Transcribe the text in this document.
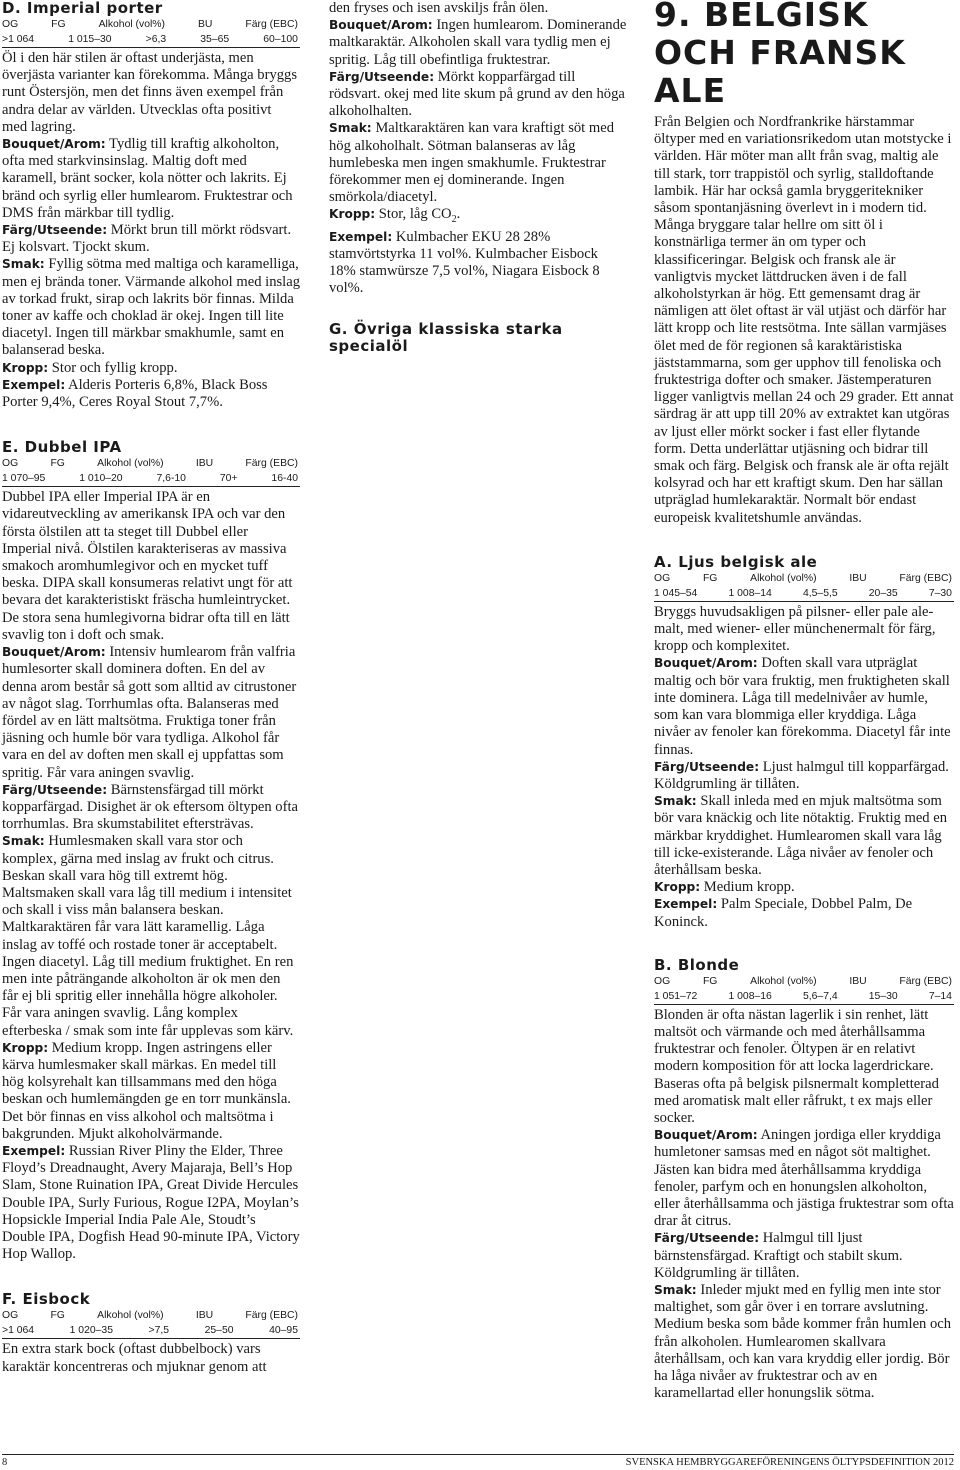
D. Imperial porter
OG	FG	Alkohol (vol%)	BU	Färg (EBC)
>1 064	1 015–30	>6,3	35–65	60–100

Öl i den här stilen är oftast underjästa, men överjästa varianter kan förekomma. Många bryggs runt Östersjön, men det finns även exempel från andra delar av världen. Utvecklas ofta positivt med lagring.

Bouquet/Arom: Tydlig till kraftig alkoholton, ofta med starkvinsinslag. Maltig doft med karamell, bränt socker, kola nötter och lakrits. Ej bränd och syrlig eller humlearom. Fruktestrar och DMS från märkbar till tydlig.

Färg/Utseende: Mörkt brun till mörkt rödsvart. Ej kolsvart. Tjockt skum.

Smak: Fyllig sötma med maltiga och karamelliga, men ej brända toner. Värmande alkohol med inslag av torkad frukt, sirap och lakrits bör finnas. Milda toner av kaffe och choklad är okej. Ingen till lite diacetyl. Ingen till märkbar smakhumle, samt en balanserad beska.

Kropp: Stor och fyllig kropp.

Exempel: Alderis Porteris 6,8%, Black Boss Porter 9,4%, Ceres Royal Stout 7,7%.

E. Dubbel IPA
OG	FG	Alkohol (vol%)	IBU	Färg (EBC)
1 070–95	1 010–20	7,6-10	70+	16-40

Dubbel IPA eller Imperial IPA är en vidareutveckling av amerikansk IPA och var den första ölstilen att ta steget till Dubbel eller Imperial nivå. Ölstilen karakteriseras av massiva smakoch aromhumlegivor och en mycket tuff beska. DIPA skall konsumeras relativt ungt för att bevara det karakteristiskt fräscha humleintrycket. De stora sena humlegivorna bidrar ofta till en lätt svavlig ton i doft och smak.

Bouquet/Arom: Intensiv humlearom från valfria humlesorter skall dominera doften. En del av denna arom består så gott som alltid av citrustoner av något slag. Torrhumlas ofta. Balanseras med fördel av en lätt maltsötma. Fruktiga toner från jäsning och humle bör vara tydliga. Alkohol får vara en del av doften men skall ej uppfattas som spritig. Får vara aningen svavlig.

Färg/Utseende: Bärnstensfärgad till mörkt kopparfärgad. Disighet är ok eftersom öltypen ofta torrhumlas. Bra skumstabilitet eftersträvas.

Smak: Humlesmaken skall vara stor och komplex, gärna med inslag av frukt och citrus. Beskan skall vara hög till extremt hög. Maltsmaken skall vara låg till medium i intensitet och skall i viss mån balansera beskan. Maltkaraktären får vara lätt karamellig. Låga inslag av toffé och rostade toner är acceptabelt. Ingen diacetyl. Låg till medium fruktighet. En ren men inte påträngande alkoholton är ok men den får ej bli spritig eller innehålla högre alkoholer. Får vara aningen svavlig. Lång komplex efterbeska / smak som inte får upplevas som kärv.

Kropp: Medium kropp. Ingen astringens eller kärva humlesmaker skall märkas. En medel till hög kolsyrehalt kan tillsammans med den höga beskan och humlemängden ge en torr munkänsla. Det bör finnas en viss alkohol och maltsötma i bakgrunden. Mjukt alkoholvärmande.

Exempel: Russian River Pliny the Elder, Three Floyd’s Dreadnaught, Avery Majaraja, Bell’s Hop Slam, Stone Ruination IPA, Great Divide Hercules Double IPA, Surly Furious, Rogue I2PA, Moylan’s Hopsickle Imperial India Pale Ale, Stoudt’s Double IPA, Dogfish Head 90-minute IPA, Victory Hop Wallop.

F. Eisbock
OG	FG	Alkohol (vol%)	IBU	Färg (EBC)
>1 064	1 020–35	>7,5	25–50	40–95

En extra stark bock (oftast dubbelbock) vars karaktär koncentreras och mjuknar genom att

den fryses och isen avskiljs från ölen.

Bouquet/Arom: Ingen humlearom. Dominerande maltkaraktär. Alkoholen skall vara tydlig men ej spritig. Låg till obefintliga fruktestrar.

Färg/Utseende: Mörkt kopparfärgad till rödsvart. okej med lite skum på grund av den höga alkoholhalten.

Smak: Maltkaraktären kan vara kraftigt söt med hög alkoholhalt. Sötman balanseras av låg humlebeska men ingen smakhumle. Fruktestrar förekommer men ej dominerande. Ingen smörkola/diacetyl.

Kropp: Stor, låg $CO_2$.

Exempel: Kulmbacher EKU 28 28% stamvörtstyrka 11 vol%. Kulmbacher Eisbock 18% stamwürsze 7,5 vol%, Niagara Eisbock 8 vol%.

G. Övriga klassiska starka specialöl
9. BELGISK
OCH FRANSK ALE

Från Belgien och Nordfrankrike härstammar öltyper med en variationsrikedom utan motstycke i världen. Här möter man allt från svag, maltig ale till stark, torr trappistöl och syrlig, stalldoftande lambik. Här har också gamla bryggeritekniker såsom spontanjäsning överlevt in i modern tid. Många bryggare talar hellre om sitt öl i konstnärliga termer än om typer och klassificeringar. Belgisk och fransk ale är vanligtvis mycket lättdrucken även i de fall alkoholstyrkan är hög. Ett gemensamt drag är nämligen att ölet oftast är väl utjäst och därför har lätt kropp och lite restsötma. Inte sällan varmjäses ölet med de för regionen så karaktäristiska jäststammarna, som ger upphov till fenoliska och fruktestriga dofter och smaker. Jästemperaturen ligger vanligtvis mellan 24 och 29 grader. Ett annat särdrag är att upp till 20% av extraktet kan utgöras av ljust eller mörkt socker i fast eller flytande form. Detta underlättar utjäsning och bidrar till smak och färg. Belgisk och fransk ale är ofta rejält kolsyrad och har ett kraftigt skum. Den har sällan utpräglad humlekaraktär. Normalt bör endast europeisk kvalitetshumle användas.

A. Ljus belgisk ale
OG	FG	Alkohol (vol%)	IBU	Färg (EBC)
1 045–54	1 008–14	4,5–5,5	20–35	7–30

Bryggs huvudsakligen på pilsner- eller pale ale-malt, med wiener- eller münchenermalt för färg, kropp och komplexitet.

Bouquet/Arom: Doften skall vara utpräglat maltig och bör vara fruktig, men fruktigheten skall inte dominera. Låga till medelnivåer av humle, som kan vara blommiga eller kryddiga. Låga nivåer av fenoler kan förekomma. Diacetyl får inte finnas.

Färg/Utseende: Ljust halmgul till kopparfärgad. Köldgrumling är tillåten.

Smak: Skall inleda med en mjuk maltsötma som bör vara knäckig och lite nötaktig. Fruktig med en märkbar kryddighet. Humlearomen skall vara låg till icke-existerande. Låga nivåer av fenoler och återhållsam beska.

Kropp: Medium kropp.

Exempel: Palm Speciale, Dobbel Palm, De Koninck.

B. Blonde
OG	FG	Alkohol (vol%)	IBU	Färg (EBC)
1 051–72	1 008–16	5,6–7,4	15–30	7–14

Blonden är ofta nästan lagerlik i sin renhet, lätt maltsöt och värmande och med återhållsamma fruktestrar och fenoler. Öltypen är en relativt modern komposition för att locka lagerdrickare. Baseras ofta på belgisk pilsnermalt kompletterad med aromatisk malt eller råfrukt, t ex majs eller socker.

Bouquet/Arom: Aningen jordiga eller kryddiga humletoner samsas med en något söt maltighet. Jästen kan bidra med återhållsamma kryddiga fenoler, parfym och en honungslen alkoholton, eller återhållsamma och jästiga fruktestrar som ofta drar åt citrus.

Färg/Utseende: Halmgul till ljust bärnstensfärgad. Kraftigt och stabilt skum. Köldgrumling är tillåten.

Smak: Inleder mjukt med en fyllig men inte stor maltighet, som går över i en torrare avslutning. Medium beska som både kommer från humlen och från alkoholen. Humlearomen skallvara återhållsam, och kan vara kryddig eller jordig. Bör ha låga nivåer av fruktestrar och av en karamellartad eller honungslik sötma.

8	SVENSKA HEMBRYGGAREFÖRENINGENS ÖLTYPSDEFINITION 2012
